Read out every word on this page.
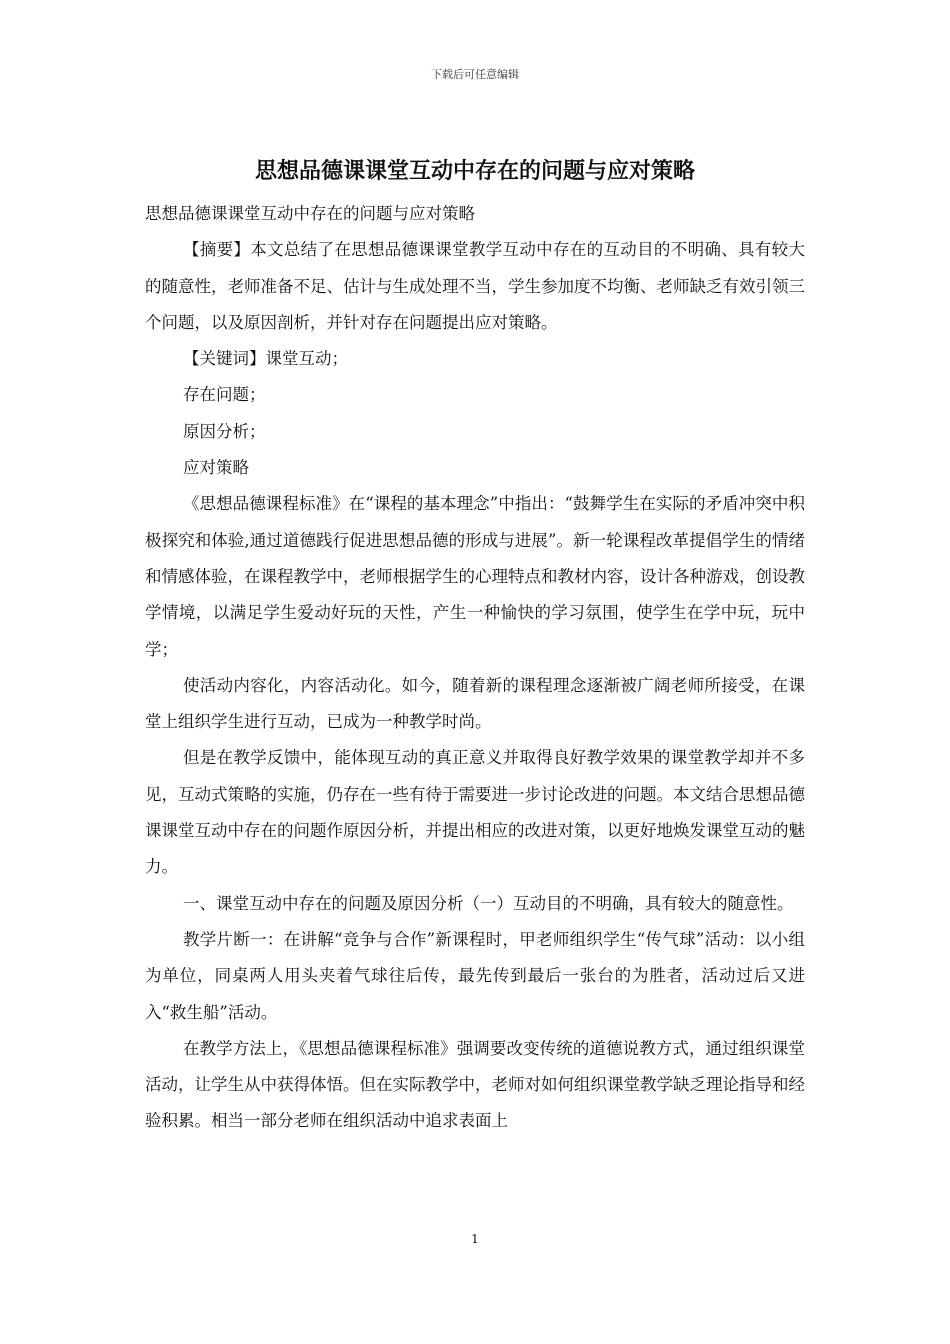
下载后可任意编辑
思想品德课课堂互动中存在的问题与应对策略

思想品德课课堂互动中存在的问题与应对策略

【摘要】本文总结了在思想品德课课堂教学互动中存在的互动目的不明确、具有较大的随意性，老师准备不足、估计与生成处理不当，学生参加度不均衡、老师缺乏有效引领三个问题，以及原因剖析，并针对存在问题提出应对策略。

【关键词】课堂互动；

存在问题；

原因分析；

应对策略

《思想品德课程标准》在“课程的基本理念”中指出：“鼓舞学生在实际的矛盾冲突中积极探究和体验,通过道德践行促进思想品德的形成与进展”。新一轮课程改革提倡学生的情绪和情感体验，在课程教学中，老师根据学生的心理特点和教材内容，设计各种游戏，创设教学情境，以满足学生爱动好玩的天性，产生一种愉快的学习氛围，使学生在学中玩，玩中学；

使活动内容化，内容活动化。如今，随着新的课程理念逐渐被广阔老师所接受，在课堂上组织学生进行互动，已成为一种教学时尚。

但是在教学反馈中，能体现互动的真正意义并取得良好教学效果的课堂教学却并不多见，互动式策略的实施，仍存在一些有待于需要进一步讨论改进的问题。本文结合思想品德课课堂互动中存在的问题作原因分析，并提出相应的改进对策，以更好地焕发课堂互动的魅力。

一、课堂互动中存在的问题及原因分析（一）互动目的不明确，具有较大的随意性。

教学片断一：在讲解“竞争与合作”新课程时，甲老师组织学生“传气球”活动：以小组为单位，同桌两人用头夹着气球往后传，最先传到最后一张台的为胜者，活动过后又进入“救生船”活动。

在教学方法上，《思想品德课程标准》强调要改变传统的道德说教方式，通过组织课堂活动，让学生从中获得体悟。但在实际教学中，老师对如何组织课堂教学缺乏理论指导和经验积累。相当一部分老师在组织活动中追求表面上

1
